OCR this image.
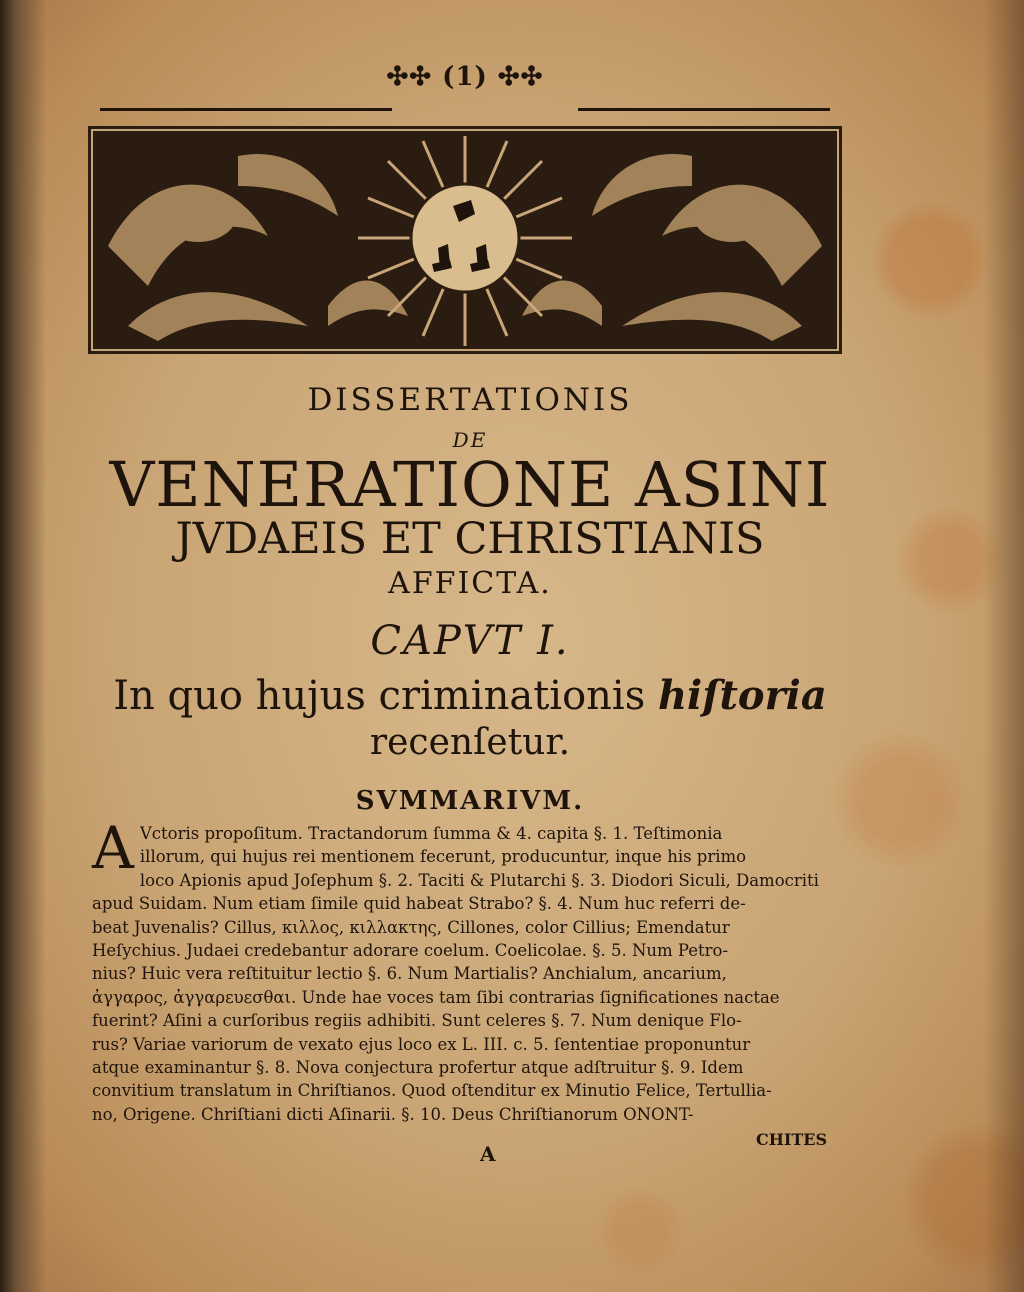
✣✣ (1) ✣✣
DISSERTATIONIS
DE
VENERATIONE ASINI
JVDAEIS ET CHRISTIANIS
AFFICTA.
CAPVT I.
In quo hujus criminationis hiſtoria
recenſetur.
SVMMARIVM.
A Vctoris propoſitum. Tractandorum ſumma & 4. capita §. 1. Teſtimonia
illorum, qui hujus rei mentionem fecerunt, producuntur, inque his primo
loco Apionis apud Joſephum §. 2. Taciti & Plutarchi §. 3. Diodori Siculi, Damocriti
apud Suidam. Num etiam ſimile quid habeat Strabo? §. 4. Num huc referri de-
beat Juvenalis? Cillus, κιλλος, κιλλακτης, Cillones, color Cillius; Emendatur
Heſychius. Judaei credebantur adorare coelum. Coelicolae. §. 5. Num Petro-
nius? Huic vera reſtituitur lectio §. 6. Num Martialis? Anchialum, ancarium,
ἀγγαρος, ἀγγαρευεσθαι. Unde hae voces tam ſibi contrarias ſignificationes nactae
fuerint? Aſini a curſoribus regiis adhibiti. Sunt celeres §. 7. Num denique Flo-
rus? Variae variorum de vexato ejus loco ex L. III. c. 5. ſententiae proponuntur
atque examinantur §. 8. Nova conjectura profertur atque adſtruitur §. 9. Idem
convitium translatum in Chriſtianos. Quod oſtenditur ex Minutio Felice, Tertullia-
no, Origene. Chriſtiani dicti Aſinarii. §. 10. Deus Chriſtianorum ONONT-
CHITES
A
